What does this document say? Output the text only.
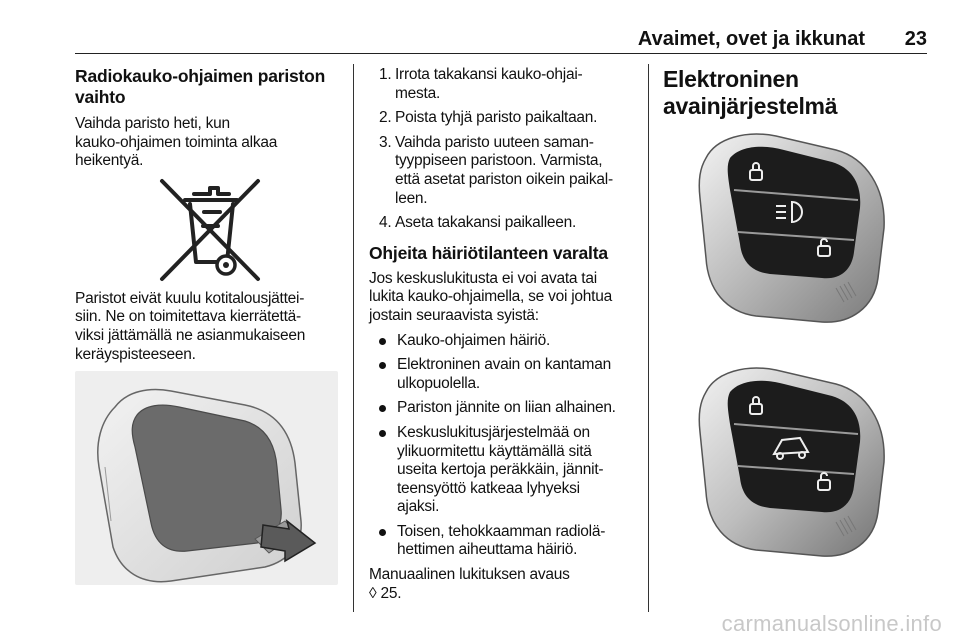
Avaimet, ovet ja ikkunat 23
Radiokauko-ohjaimen pariston
vaihto
Vaihda paristo heti, kun
kauko-ohjaimen toiminta alkaa
heikentyä.
Paristot eivät kuulu kotitalousjättei-
siin. Ne on toimitettava kierrätettä-
viksi jättämällä ne asianmukaiseen
keräyspisteeseen.
1. Irrota takakansi kauko-ohjai-
mesta.
2. Poista tyhjä paristo paikaltaan.
3. Vaihda paristo uuteen saman-
tyyppiseen paristoon. Varmista,
että asetat pariston oikein paikal-
leen.
4. Aseta takakansi paikalleen.
Ohjeita häiriötilanteen varalta
Jos keskuslukitusta ei voi avata tai
lukita kauko-ohjaimella, se voi johtua
jostain seuraavista syistä:
Kauko-ohjaimen häiriö.
Elektroninen avain on kantaman
ulkopuolella.
Pariston jännite on liian alhainen.
Keskuslukitusjärjestelmää on
ylikuormitettu käyttämällä sitä
useita kertoja peräkkäin, jännit-
teensyöttö katkeaa lyhyeksi
ajaksi.
Toisen, tehokkaamman radiolä-
hettimen aiheuttama häiriö.
Manuaalinen lukituksen avaus
◊ 25.
Elektroninen
avainjärjestelmä
carmanualsonline.info
